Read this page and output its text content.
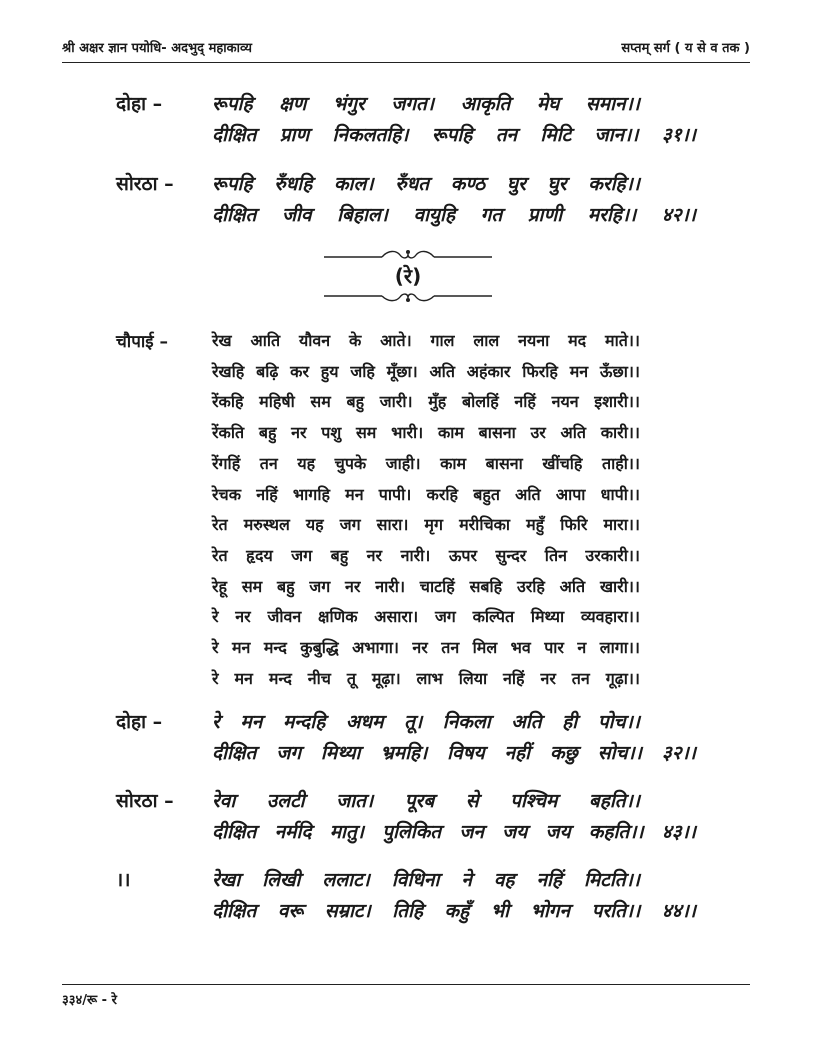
श्री अक्षर ज्ञान पयोधि- अदभुद् महाकाव्य	सप्तम् सर्ग ( य से व तक )
दोहा –	रूपहि क्षण भंगुर जगत। आकृति मेघ समान।।
दीक्षित प्राण निकलतहि। रूपहि तन मिटि जान।। ३१।।
सोरठा – रूपहि रुँधहि काल। रुँधत कण्ठ घुर घुर करहि।।
दीक्षित जीव बिहाल। वायुहि गत प्राणी मरहि।। ४२।।
(रे)
चौपाई –	रेख आति यौवन के आते। गाल लाल नयना मद माते।।
रेखहि बढ़ि कर हुय जहि मूँछा। अति अहंकार फिरहि मन ऊँछा।।
रेंकहि महिषी सम बहु जारी। मुँह बोलहिं नहिं नयन इशारी।।
रेंकति बहु नर पशु सम भारी। काम बासना उर अति कारी।।
रेंगहिं तन यह चुपके जाही। काम बासना खींचहि ताही।।
रेचक नहिं भागहि मन पापी। करहि बहुत अति आपा धापी।।
रेत मरुस्थल यह जग सारा। मृग मरीचिका महुँ फिरि मारा।।
रेत हृदय जग बहु नर नारी। ऊपर सुन्दर तिन उरकारी।।
रेहू सम बहु जग नर नारी। चाटहिं सबहि उरहि अति खारी।।
रे नर जीवन क्षणिक असारा। जग कल्पित मिथ्या व्यवहारा।।
रे मन मन्द कुबुद्धि अभागा। नर तन मिल भव पार न लागा।।
रे मन मन्द नीच तू मूढ़ा। लाभ लिया नहिं नर तन गूढ़ा।।
दोहा –	रे मन मन्दहि अधम तू। निकला अति ही पोच।।
दीक्षित जग मिथ्या भ्रमहि। विषय नहीं कछु सोच।। ३२।।
सोरठा – रेवा उलटी जात। पूरब से पश्चिम बहति।।
दीक्षित नर्मदि मातु। पुलिकित जन जय जय कहति।। ४३।।
।।	रेखा लिखी ललाट। विधिना ने वह नहिं मिटति।।
दीक्षित वरू सम्राट। तिहि कहुँ भी भोगन परति।। ४४।।
३३४/रू - रे
